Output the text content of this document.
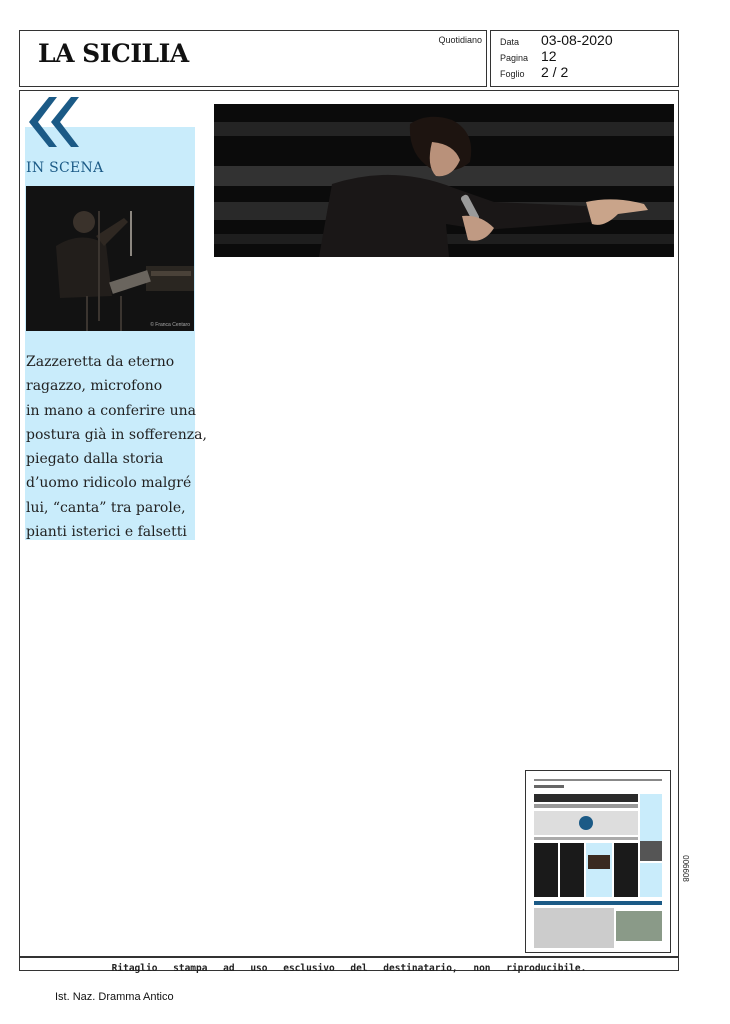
LA SICILIA	Quotidiano Data 03-08-2020
Pagina 12
Foglio 2 / 2
IN SCENA
© Franca Centaro
Zazzeretta da eterno
ragazzo, microfono
in mano a conferire una
postura già in sofferenza,
piegato dalla storia
d’uomo ridicolo malgré
lui, “canta” tra parole,
pianti isterici e falsetti
006608
Ritaglio stampa ad uso esclusivo del destinatario, non riproducibile.
Ist. Naz. Dramma Antico
